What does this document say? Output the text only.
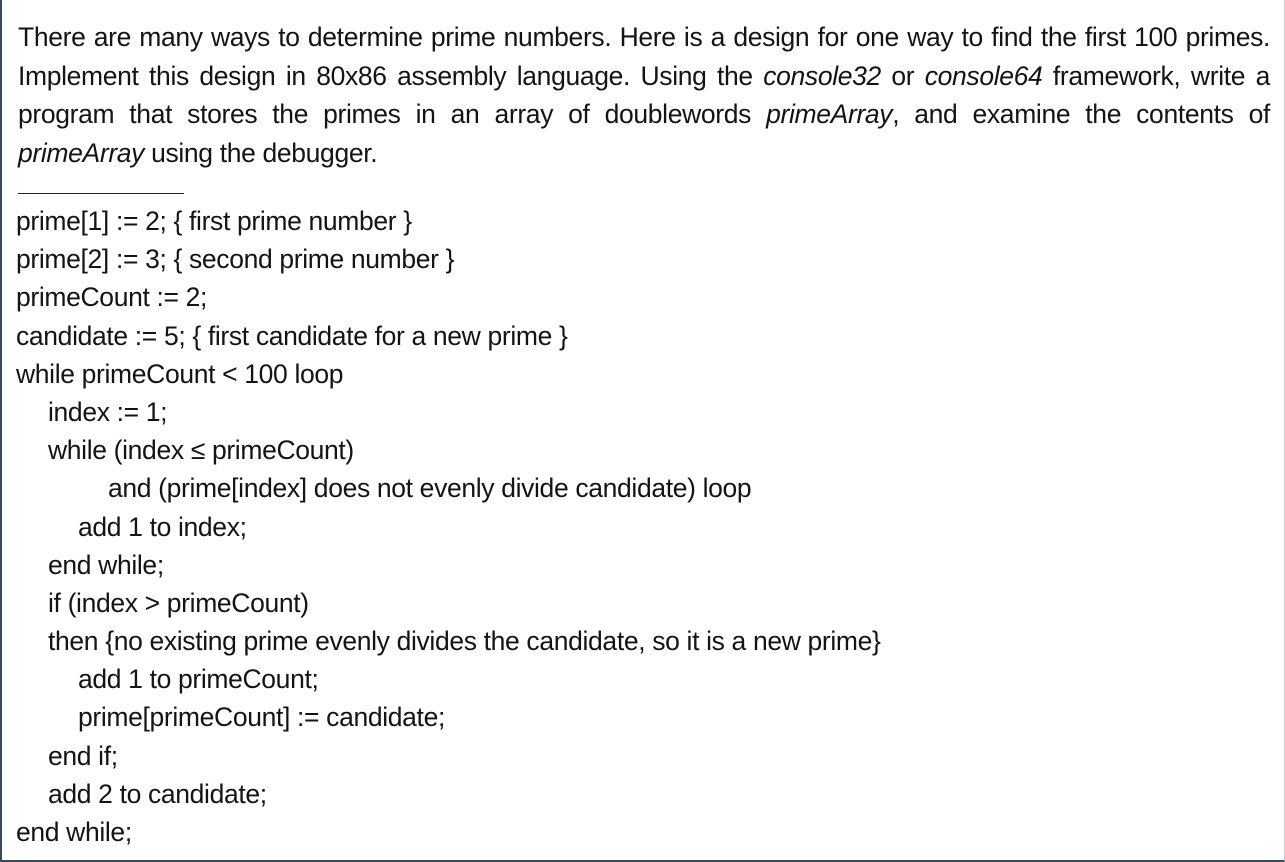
There are many ways to determine prime numbers. Here is a design for one way to find the first 100 primes. Implement this design in 80x86 assembly language. Using the console32 or console64 framework, write a program that stores the primes in an array of doublewords primeArray, and examine the contents of primeArray using the debugger.

prime[1] := 2; { first prime number }
prime[2] := 3; { second prime number }
primeCount := 2;
candidate := 5; { first candidate for a new prime }
while primeCount < 100 loop
index := 1;
while (index ≤ primeCount)
and (prime[index] does not evenly divide candidate) loop
add 1 to index;
end while;
if (index > primeCount)
then {no existing prime evenly divides the candidate, so it is a new prime}
add 1 to primeCount;
prime[primeCount] := candidate;
end if;
add 2 to candidate;
end while;
